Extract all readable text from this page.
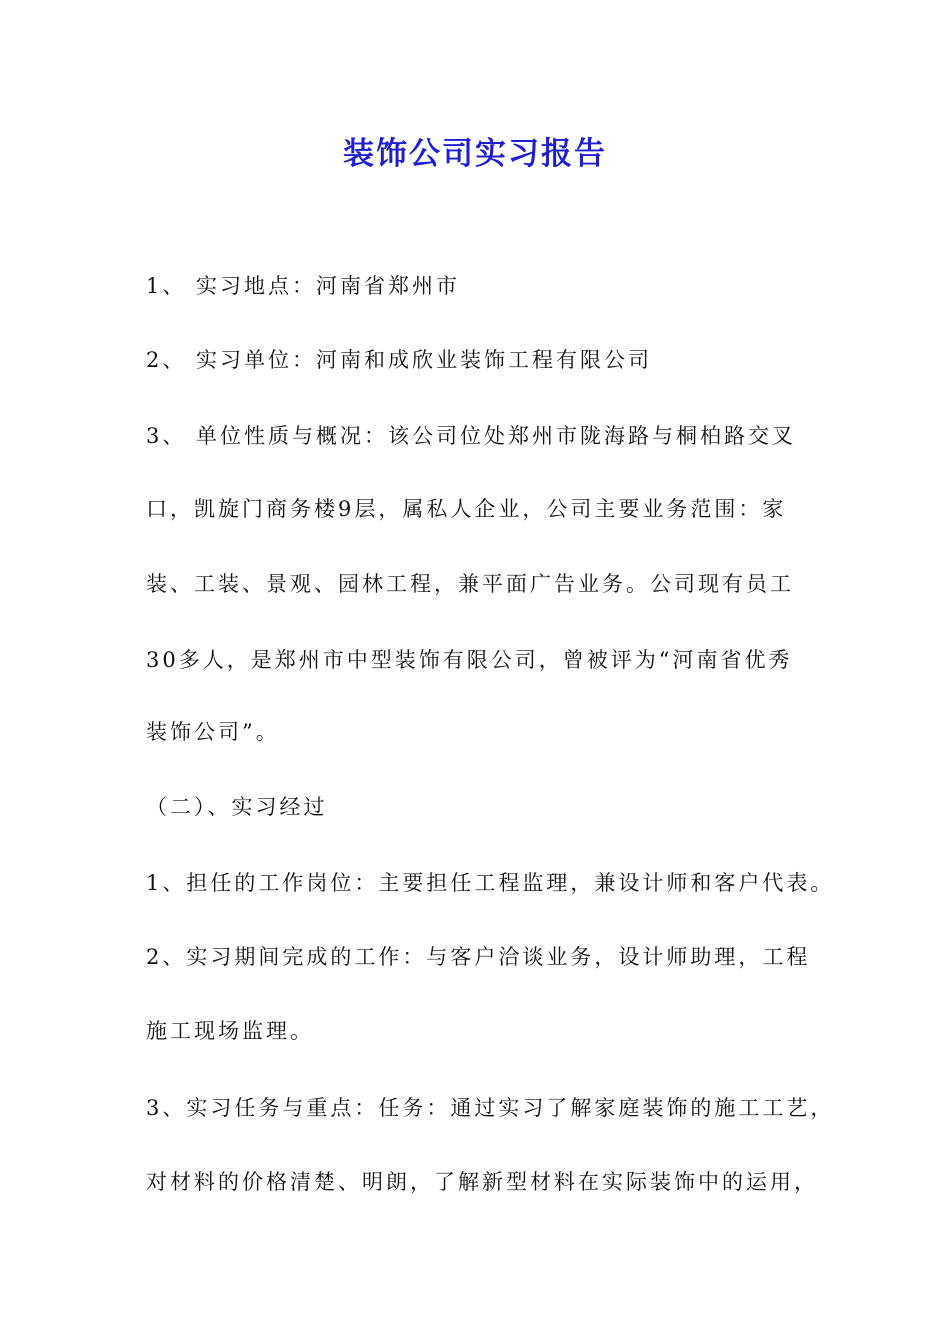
装饰公司实习报告
1、 实习地点：河南省郑州市
2、 实习单位：河南和成欣业装饰工程有限公司
3、 单位性质与概况：该公司位处郑州市陇海路与桐柏路交叉
口，凯旋门商务楼9层，属私人企业，公司主要业务范围：家
装、工装、景观、园林工程，兼平面广告业务。公司现有员工
30多人，是郑州市中型装饰有限公司，曾被评为“河南省优秀
装饰公司”。
（二）、实习经过
1、担任的工作岗位：主要担任工程监理，兼设计师和客户代表。
2、实习期间完成的工作：与客户洽谈业务，设计师助理，工程
施工现场监理。
3、实习任务与重点：任务：通过实习了解家庭装饰的施工工艺，
对材料的价格清楚、明朗，了解新型材料在实际装饰中的运用，
